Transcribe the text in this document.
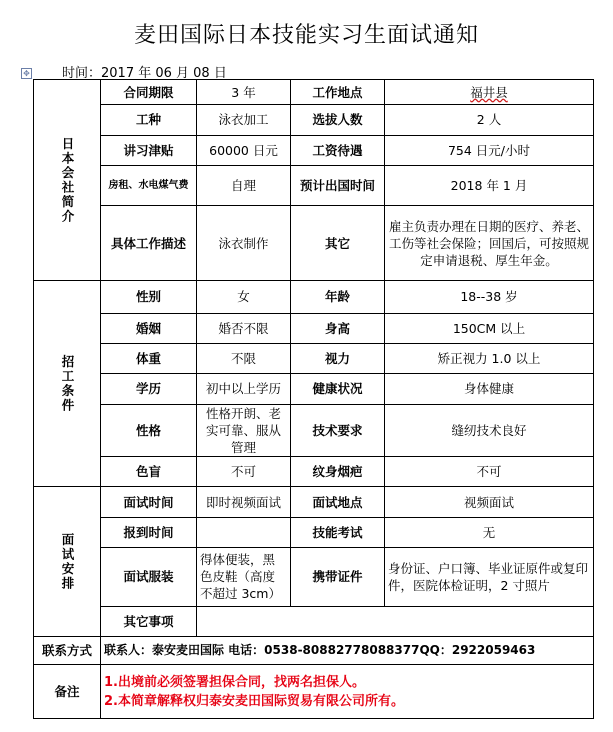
麦田国际日本技能实习生面试通知
✥ 时间：2017 年 06 月 08 日
日本会社简介	合同期限	3 年	工作地点	福井县
	工种	泳衣加工	选拔人数	2 人
	讲习津贴	60000 日元	工资待遇	754 日元/小时
	房租、水电煤气费	自理	预计出国时间	2018 年 1 月
	具体工作描述	泳衣制作	其它	雇主负责办理在日期的医疗、养老、工伤等社会保险；回国后，可按照规定申请退税、厚生年金。
招工条件	性别	女	年龄	18--38 岁
	婚姻	婚否不限	身高	150CM 以上
	体重	不限	视力	矫正视力 1.0 以上
	学历	初中以上学历	健康状况	身体健康
	性格	性格开朗、老实可靠、服从管理	技术要求	缝纫技术良好
	色盲	不可	纹身烟疤	不可
面试安排	面试时间	即时视频面试	面试地点	视频面试
	报到时间		技能考试	无
	面试服装	得体便装，黑色皮鞋（高度不超过 3cm）	携带证件	身份证、户口簿、毕业证原件或复印件，医院体检证明，2 寸照片
	其它事项			
联系方式	联系人：泰安麦田国际 电话：0538-80882778088377QQ：2922059463			
备注	1.出境前必须签署担保合同，找两名担保人。
2.本简章解释权归泰安麦田国际贸易有限公司所有。			
